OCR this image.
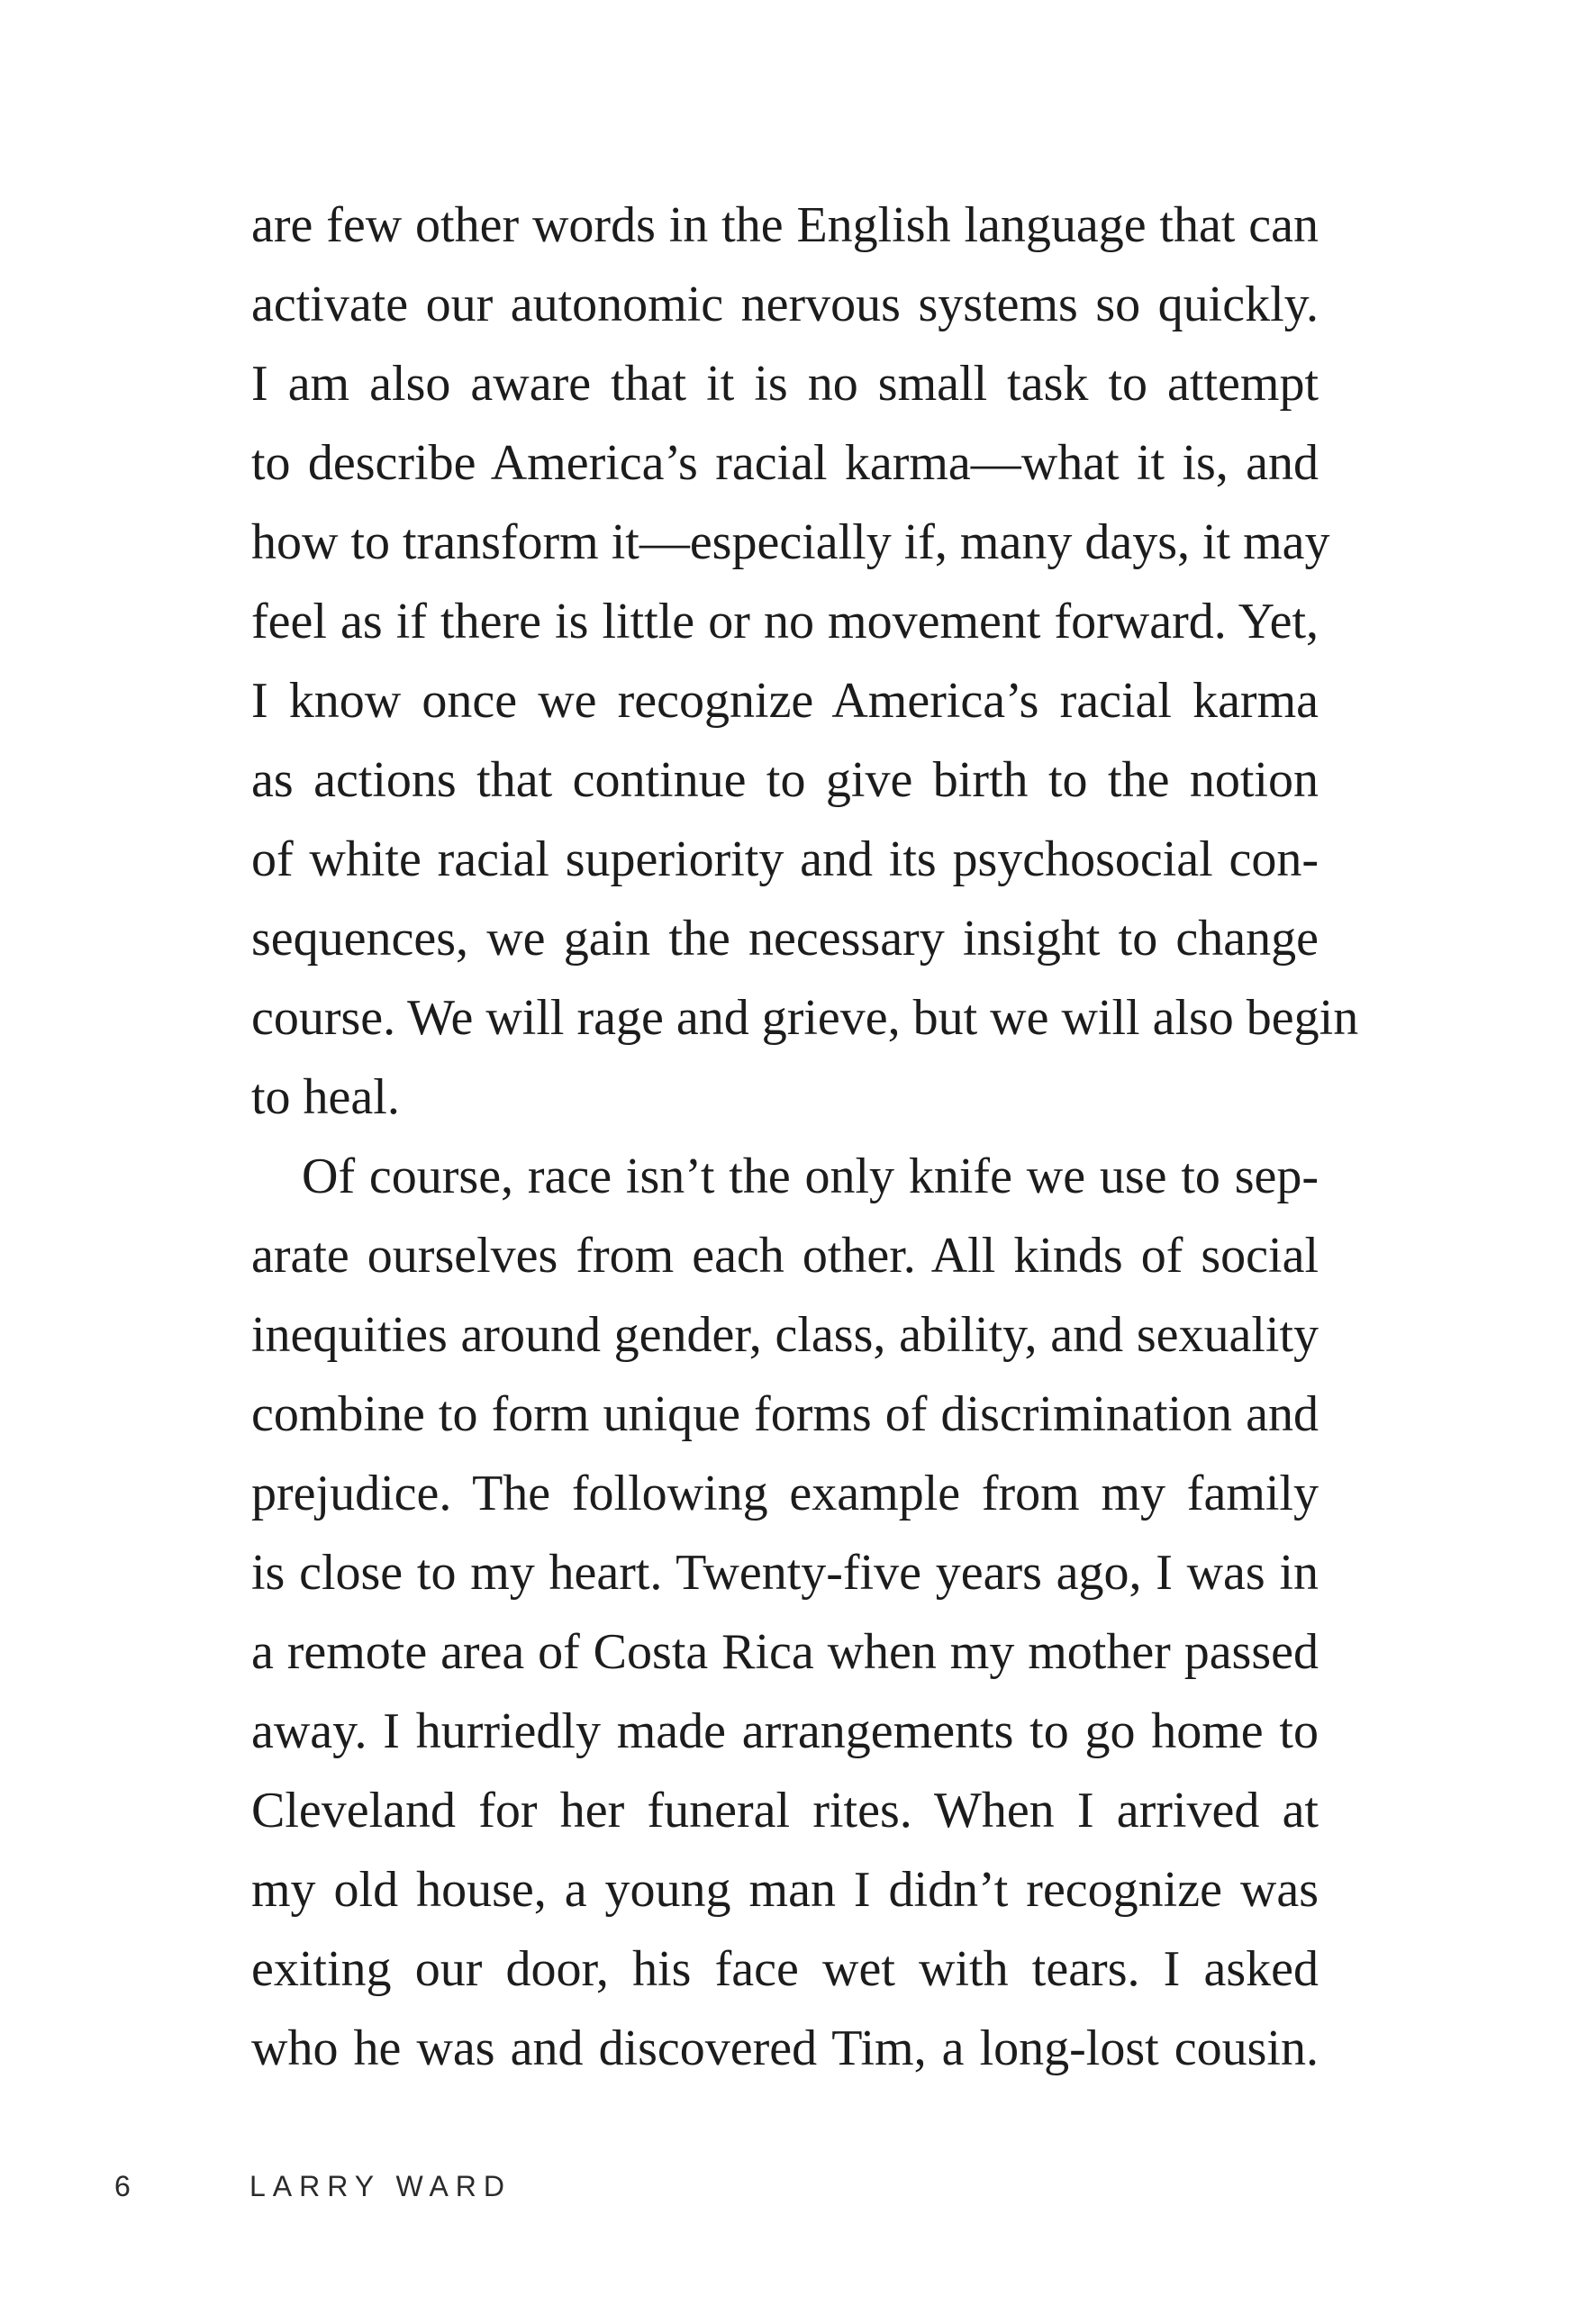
are few other words in the English language that can
activate our autonomic nervous systems so quickly.
I am also aware that it is no small task to attempt
to describe America’s racial karma—what it is, and
how to transform it—especially if, many days, it may
feel as if there is little or no movement forward. Yet,
I know once we recognize America’s racial karma
as actions that continue to give birth to the notion
of white racial superiority and its psychosocial con-
sequences, we gain the necessary insight to change
course. We will rage and grieve, but we will also begin
to heal.
Of course, race isn’t the only knife we use to sep-
arate ourselves from each other. All kinds of social
inequities around gender, class, ability, and sexuality
combine to form unique forms of discrimination and
prejudice. The following example from my family
is close to my heart. Twenty-five years ago, I was in
a remote area of Costa Rica when my mother passed
away. I hurriedly made arrangements to go home to
Cleveland for her funeral rites. When I arrived at
my old house, a young man I didn’t recognize was
exiting our door, his face wet with tears. I asked
who he was and discovered Tim, a long-lost cousin.
6	LARRY WARD
